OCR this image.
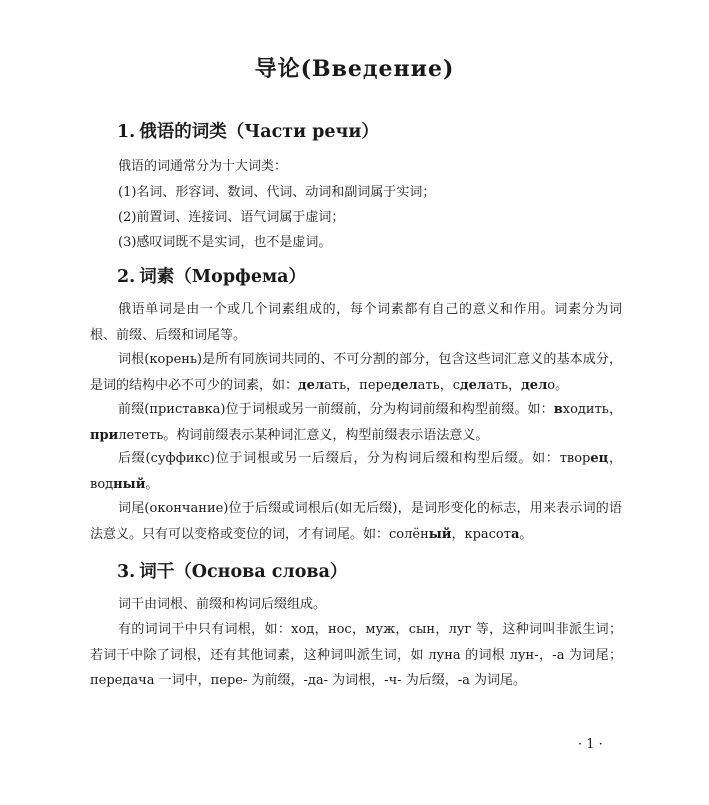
导论(Введение)
1. 俄语的词类（Части речи）
俄语的词通常分为十大词类：
(1)名词、形容词、数词、代词、动词和副词属于实词；
(2)前置词、连接词、语气词属于虚词；
(3)感叹词既不是实词，也不是虚词。
2. 词素（Морфема）

俄语单词是由一个或几个词素组成的，每个词素都有自己的意义和作用。词素分为词根、前缀、后缀和词尾等。

词根(корень)是所有同族词共同的、不可分割的部分，包含这些词汇意义的基本成分，是词的结构中必不可少的词素，如：делать，переделать，сделать，дело。

前缀(приставка)位于词根或另一前缀前，分为构词前缀和构型前缀。如：входить，прилететь。构词前缀表示某种词汇意义，构型前缀表示语法意义。

后缀(суффикс)位于词根或另一后缀后，分为构词后缀和构型后缀。如：творец，водный。

词尾(окончание)位于后缀或词根后(如无后缀)，是词形变化的标志，用来表示词的语法意义。只有可以变格或变位的词，才有词尾。如：солёный，красота。

3. 词干（Основа слова）

词干由词根、前缀和构词后缀组成。

有的词词干中只有词根，如：ход，нос，муж，сын，луг 等，这种词叫非派生词；若词干中除了词根，还有其他词素，这种词叫派生词，如 луна 的词根 лун-，-а 为词尾；передача 一词中，пере- 为前缀，-да- 为词根，-ч- 为后缀，-а 为词尾。

· 1 ·
